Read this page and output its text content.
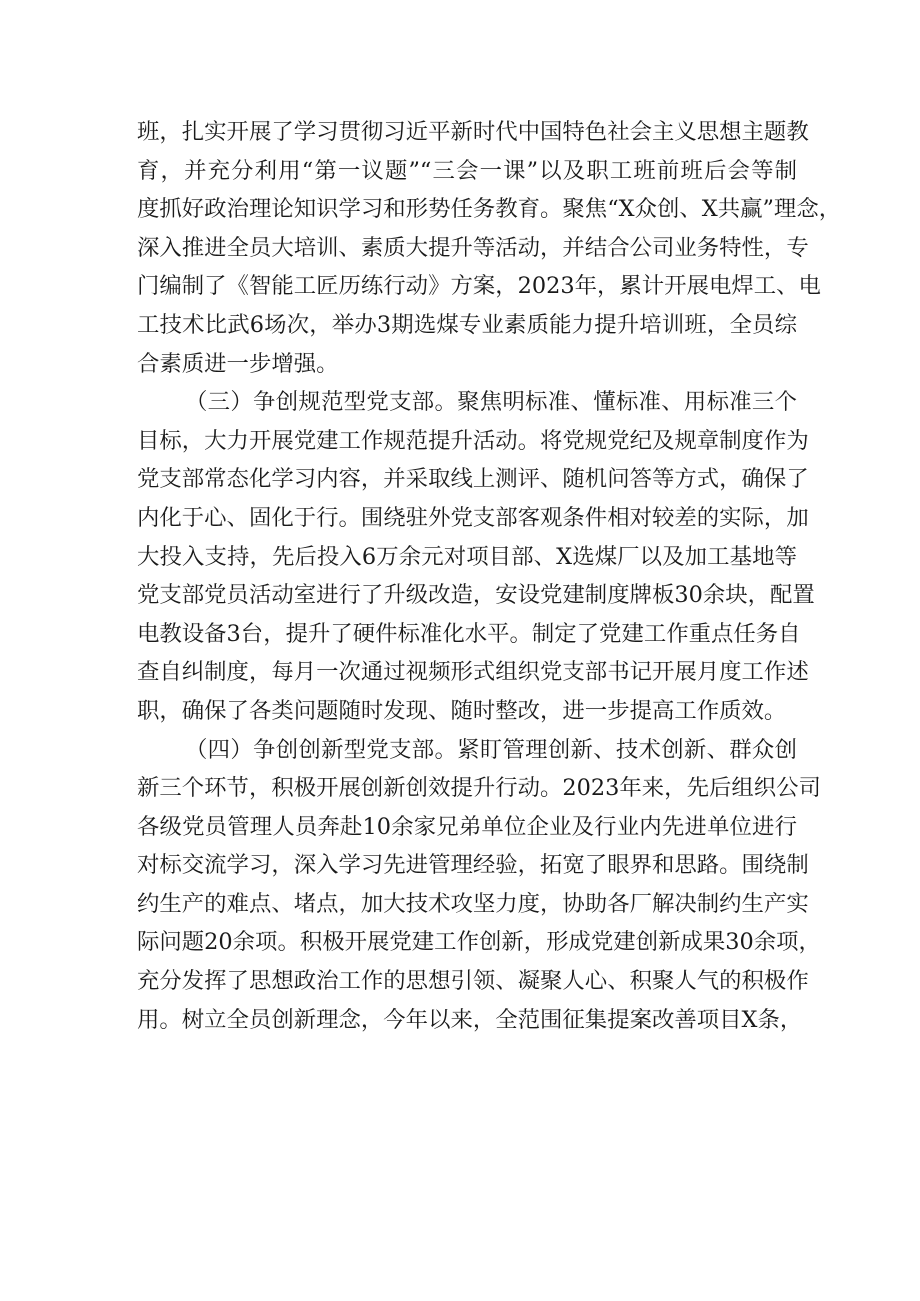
班，扎实开展了学习贯彻习近平新时代中国特色社会主义思想主题教
育，并充分利用“第一议题”“三会一课”以及职工班前班后会等制
度抓好政治理论知识学习和形势任务教育。聚焦“X众创、X共赢”理念，
深入推进全员大培训、素质大提升等活动，并结合公司业务特性，专
门编制了《智能工匠历练行动》方案，2023年，累计开展电焊工、电
工技术比武6场次，举办3期选煤专业素质能力提升培训班，全员综
合素质进一步增强。
（三）争创规范型党支部。聚焦明标准、懂标准、用标准三个
目标，大力开展党建工作规范提升活动。将党规党纪及规章制度作为
党支部常态化学习内容，并采取线上测评、随机问答等方式，确保了
内化于心、固化于行。围绕驻外党支部客观条件相对较差的实际，加
大投入支持，先后投入6万余元对项目部、X选煤厂以及加工基地等
党支部党员活动室进行了升级改造，安设党建制度牌板30余块，配置
电教设备3台，提升了硬件标准化水平。制定了党建工作重点任务自
查自纠制度，每月一次通过视频形式组织党支部书记开展月度工作述
职，确保了各类问题随时发现、随时整改，进一步提高工作质效。
（四）争创创新型党支部。紧盯管理创新、技术创新、群众创
新三个环节，积极开展创新创效提升行动。2023年来，先后组织公司
各级党员管理人员奔赴10余家兄弟单位企业及行业内先进单位进行
对标交流学习，深入学习先进管理经验，拓宽了眼界和思路。围绕制
约生产的难点、堵点，加大技术攻坚力度，协助各厂解决制约生产实
际问题20余项。积极开展党建工作创新，形成党建创新成果30余项，
充分发挥了思想政治工作的思想引领、凝聚人心、积聚人气的积极作
用。树立全员创新理念，今年以来，全范围征集提案改善项目X条，
